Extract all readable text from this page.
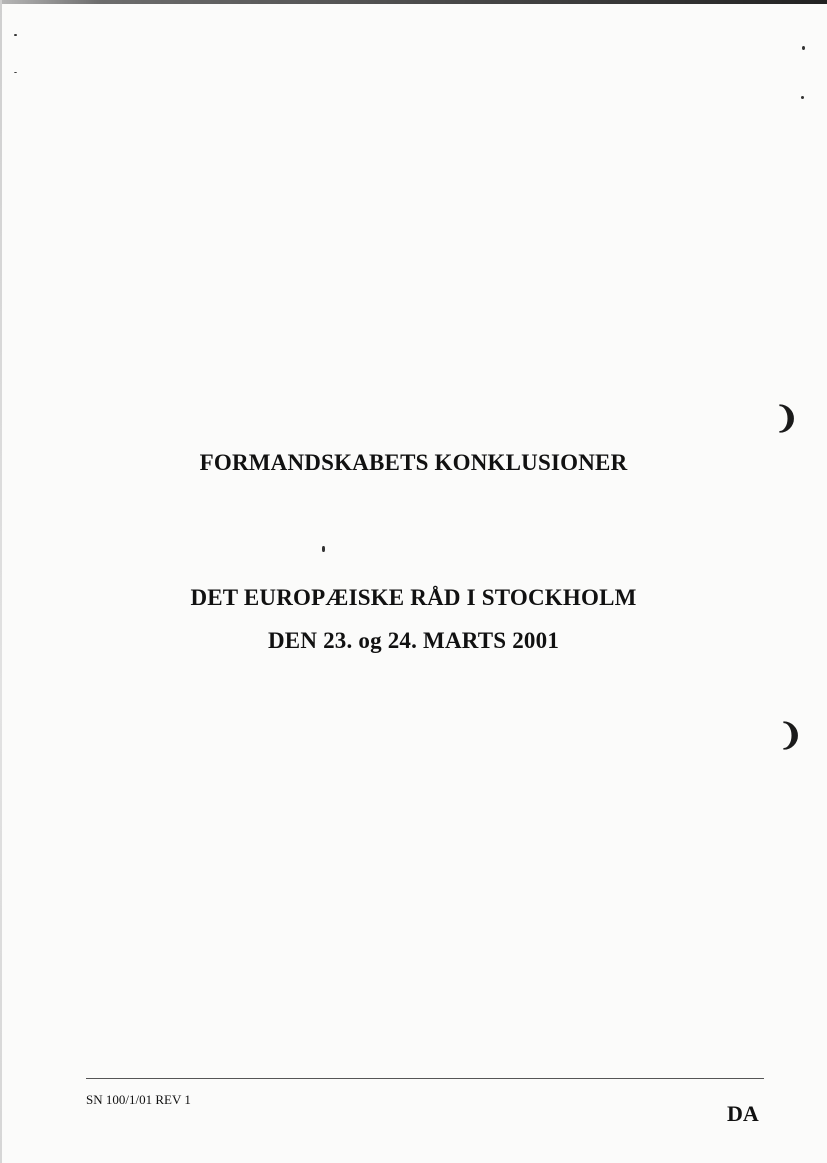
❩
❩
FORMANDSKABETS KONKLUSIONER
DET EUROPÆISKE RÅD I STOCKHOLM
DEN 23. og 24. MARTS 2001
SN 100/1/01 REV 1
DA
